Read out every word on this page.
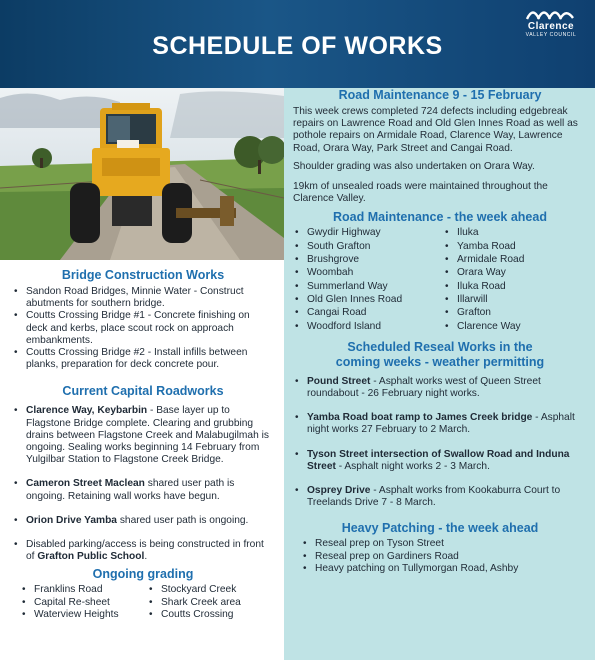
SCHEDULE OF WORKS
Clarence
VALLEY COUNCIL
Bridge Construction Works
• Sandon Road Bridges, Minnie Water - Construct abutments for southern bridge.
• Coutts Crossing Bridge #1 - Concrete finishing on deck and kerbs, place scout rock on approach embankments.
• Coutts Crossing Bridge #2 - Install infills between planks, preparation for deck concrete pour.
Current Capital Roadworks
• Clarence Way, Keybarbin - Base layer up to Flagstone Bridge complete. Clearing and grubbing drains between Flagstone Creek and Malabugilmah is ongoing. Sealing works beginning 14 February from Yulgilbar Station to Flagstone Creek Bridge.
• Cameron Street Maclean shared user path is ongoing. Retaining wall works have begun.
• Orion Drive Yamba shared user path is ongoing.
• Disabled parking/access is being constructed in front of Grafton Public School.
Ongoing grading
• Franklins Road
• Capital Re-sheet
• Waterview Heights
• Stockyard Creek
• Shark Creek area
• Coutts Crossing
Road Maintenance 9 - 15 February

This week crews completed 724 defects including edgebreak repairs on Lawrence Road and Old Glen Innes Road as well as pothole repairs on Armidale Road, Clarence Way, Lawrence Road, Orara Way, Park Street and Cangai Road.

Shoulder grading was also undertaken on Orara Way.

19km of unsealed roads were maintained throughout the Clarence Valley.

Road Maintenance - the week ahead
• Gwydir Highway
• South Grafton
• Brushgrove
• Woombah
• Summerland Way
• Old Glen Innes Road
• Cangai Road
• Woodford Island
• Iluka
• Yamba Road
• Armidale Road
• Orara Way
• Iluka Road
• Illarwill
• Grafton
• Clarence Way
Scheduled Reseal Works in the
coming weeks - weather permitting
• Pound Street - Asphalt works west of Queen Street roundabout - 26 February night works.
• Yamba Road boat ramp to James Creek bridge - Asphalt night works 27 February to 2 March.
• Tyson Street intersection of Swallow Road and Induna Street - Asphalt night works 2 - 3 March.
• Osprey Drive - Asphalt works from Kookaburra Court to Treelands Drive 7 - 8 March.
Heavy Patching - the week ahead
• Reseal prep on Tyson Street
• Reseal prep on Gardiners Road
• Heavy patching on Tullymorgan Road, Ashby
